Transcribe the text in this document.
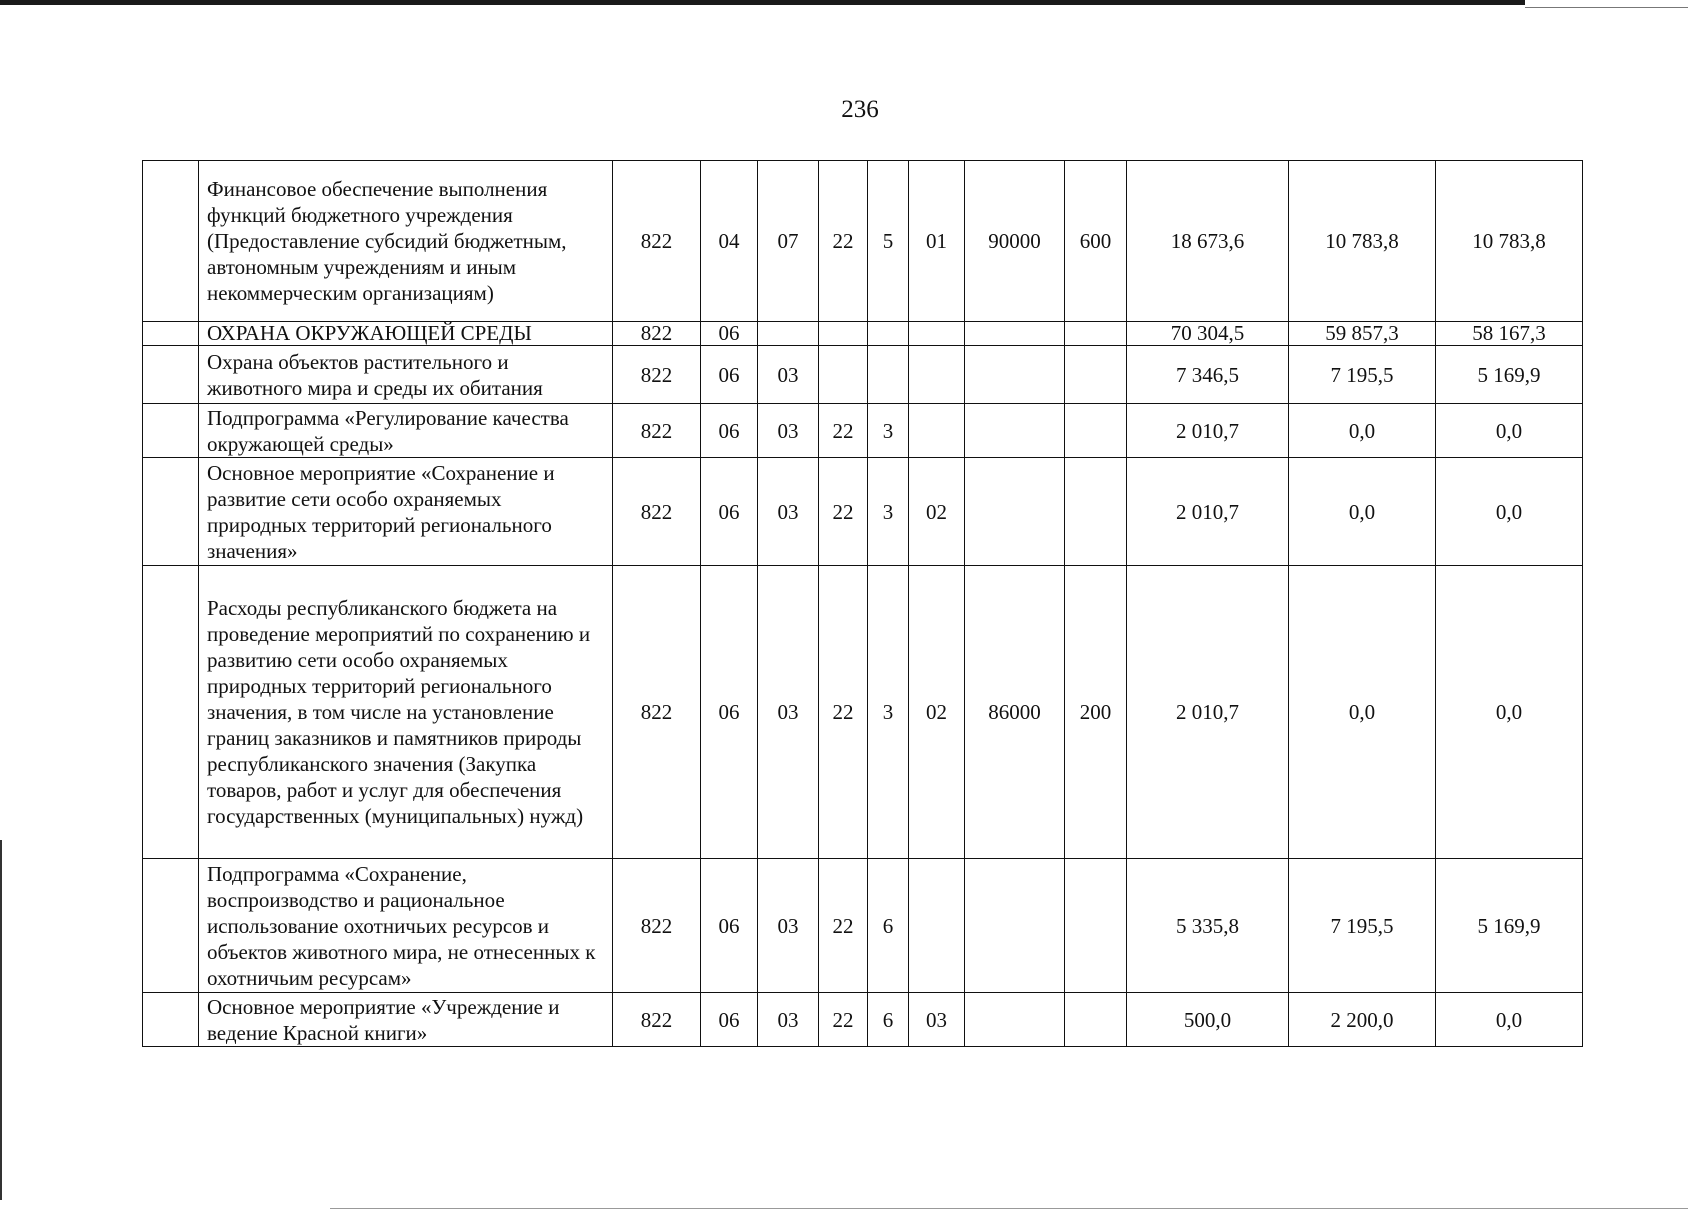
236
	Финансовое обеспечение выполнения функций бюджетного учреждения (Предоставление субсидий бюджетным, автономным учреждениям и иным некоммерческим организациям)	822	04	07	22	5	01	90000	600	18 673,6	10 783,8	10 783,8
	ОХРАНА ОКРУЖАЮЩЕЙ СРЕДЫ	822	06							70 304,5	59 857,3	58 167,3
	Охрана объектов растительного и животного мира и среды их обитания	822	06	03						7 346,5	7 195,5	5 169,9
	Подпрограмма «Регулирование качества окружающей среды»	822	06	03	22	3				2 010,7	0,0	0,0
	Основное мероприятие «Сохранение и развитие сети особо охраняемых природных территорий регионального значения»	822	06	03	22	3	02			2 010,7	0,0	0,0
	Расходы республиканского бюджета на проведение мероприятий по сохранению и развитию сети особо охраняемых природных территорий регионального значения, в том числе на установление границ заказников и памятников природы республиканского значения (Закупка товаров, работ и услуг для обеспечения государственных (муниципальных) нужд)	822	06	03	22	3	02	86000	200	2 010,7	0,0	0,0
	Подпрограмма «Сохранение, воспроизводство и рациональное использование охотничьих ресурсов и объектов животного мира, не отнесенных к охотничьим ресурсам»	822	06	03	22	6				5 335,8	7 195,5	5 169,9
	Основное мероприятие «Учреждение и ведение Красной книги»	822	06	03	22	6	03			500,0	2 200,0	0,0
